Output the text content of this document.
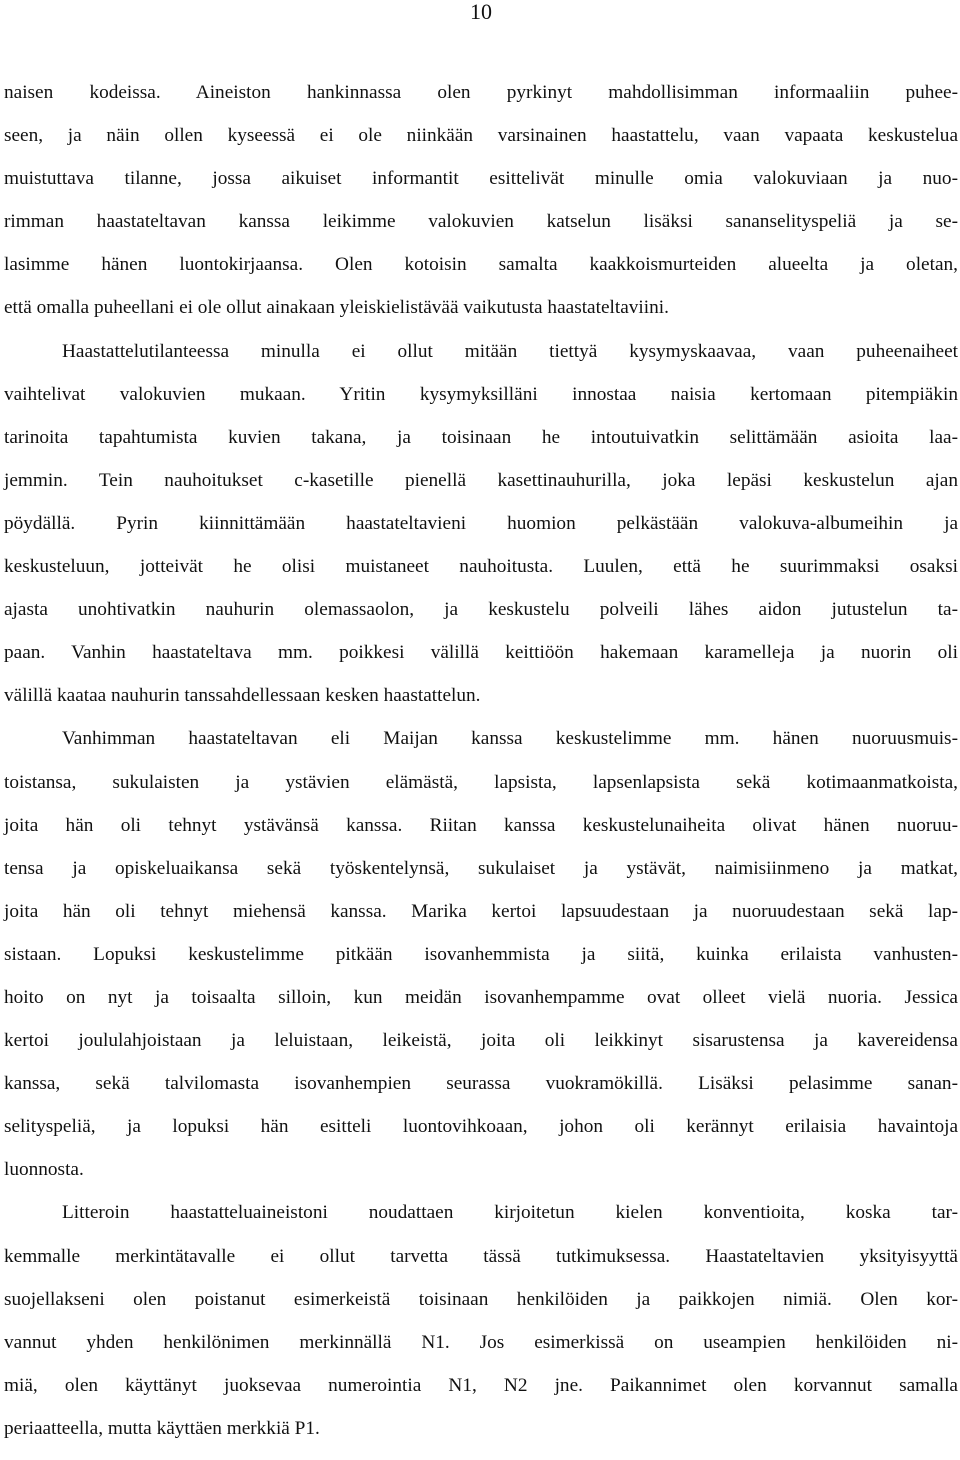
10
naisen kodeissa. Aineiston hankinnassa olen pyrkinyt mahdollisimman informaaliin puhee-
seen, ja näin ollen kyseessä ei ole niinkään varsinainen haastattelu, vaan vapaata keskustelua
muistuttava tilanne, jossa aikuiset informantit esittelivät minulle omia valokuviaan ja nuo-
rimman haastateltavan kanssa leikimme valokuvien katselun lisäksi sananselityspeliä ja se-
lasimme hänen luontokirjaansa. Olen kotoisin samalta kaakkoismurteiden alueelta ja oletan,
että omalla puheellani ei ole ollut ainakaan yleiskielistävää vaikutusta haastateltaviini.
Haastattelutilanteessa minulla ei ollut mitään tiettyä kysymyskaavaa, vaan puheenaiheet
vaihtelivat valokuvien mukaan. Yritin kysymyksilläni innostaa naisia kertomaan pitempiäkin
tarinoita tapahtumista kuvien takana, ja toisinaan he intoutuivatkin selittämään asioita laa-
jemmin. Tein nauhoitukset c-kasetille pienellä kasettinauhurilla, joka lepäsi keskustelun ajan
pöydällä. Pyrin kiinnittämään haastateltavieni huomion pelkästään valokuva-albumeihin ja
keskusteluun, jotteivät he olisi muistaneet nauhoitusta. Luulen, että he suurimmaksi osaksi
ajasta unohtivatkin nauhurin olemassaolon, ja keskustelu polveili lähes aidon jutustelun ta-
paan. Vanhin haastateltava mm. poikkesi välillä keittiöön hakemaan karamelleja ja nuorin oli
välillä kaataa nauhurin tanssahdellessaan kesken haastattelun.
Vanhimman haastateltavan eli Maijan kanssa keskustelimme mm. hänen nuoruusmuis-
toistansa, sukulaisten ja ystävien elämästä, lapsista, lapsenlapsista sekä kotimaanmatkoista,
joita hän oli tehnyt ystävänsä kanssa. Riitan kanssa keskustelunaiheita olivat hänen nuoruu-
tensa ja opiskeluaikansa sekä työskentelynsä, sukulaiset ja ystävät, naimisiinmeno ja matkat,
joita hän oli tehnyt miehensä kanssa. Marika kertoi lapsuudestaan ja nuoruudestaan sekä lap-
sistaan. Lopuksi keskustelimme pitkään isovanhemmista ja siitä, kuinka erilaista vanhusten-
hoito on nyt ja toisaalta silloin, kun meidän isovanhempamme ovat olleet vielä nuoria. Jessica
kertoi joululahjoistaan ja leluistaan, leikeistä, joita oli leikkinyt sisarustensa ja kavereidensa
kanssa, sekä talvilomasta isovanhempien seurassa vuokramökillä. Lisäksi pelasimme sanan-
selityspeliä, ja lopuksi hän esitteli luontovihkoaan, johon oli kerännyt erilaisia havaintoja
luonnosta.
Litteroin haastatteluaineistoni noudattaen kirjoitetun kielen konventioita, koska tar-
kemmalle merkintätavalle ei ollut tarvetta tässä tutkimuksessa. Haastateltavien yksityisyyttä
suojellakseni olen poistanut esimerkeistä toisinaan henkilöiden ja paikkojen nimiä. Olen kor-
vannut yhden henkilönimen merkinnällä N1. Jos esimerkissä on useampien henkilöiden ni-
miä, olen käyttänyt juoksevaa numerointia N1, N2 jne. Paikannimet olen korvannut samalla
periaatteella, mutta käyttäen merkkiä P1.
